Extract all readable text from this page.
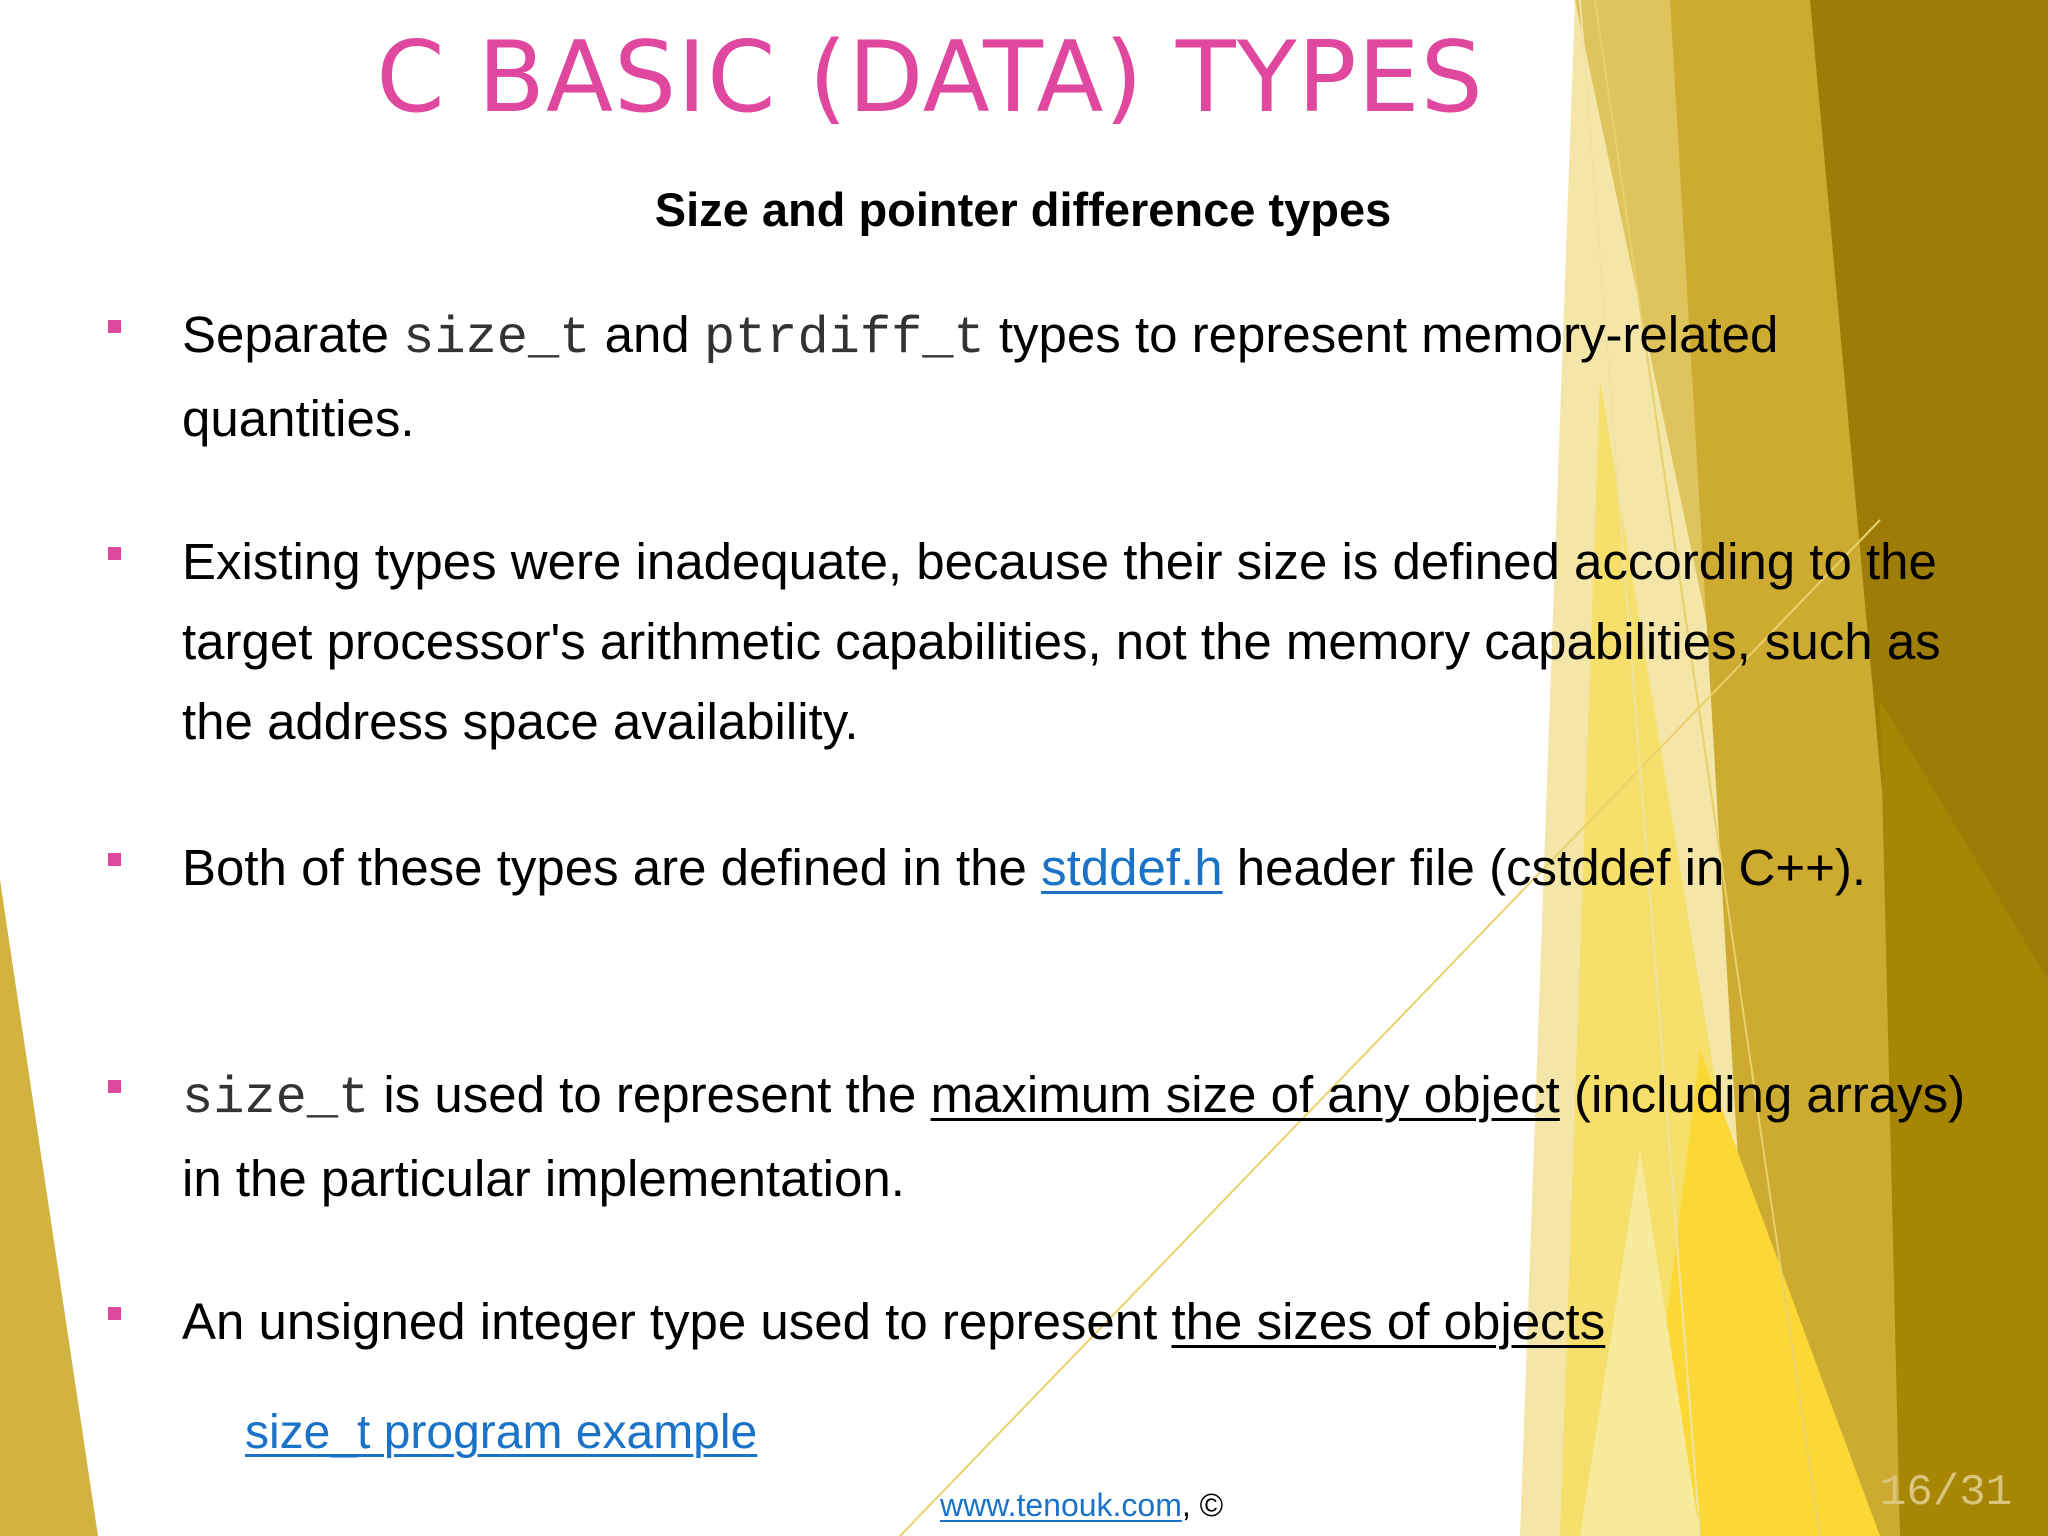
C BASIC (DATA) TYPES
Size and pointer difference types
Separate size_t and ptrdiff_t types to represent memory-related quantities.
Existing types were inadequate, because their size is defined according to the target processor's arithmetic capabilities, not the memory capabilities, such as the address space availability.
Both of these types are defined in the stddef.h header file (cstddef in C++).
size_t is used to represent the maximum size of any object (including arrays) in the particular implementation.
An unsigned integer type used to represent the sizes of objects
size_t program example
www.tenouk.com, ©	16/31
